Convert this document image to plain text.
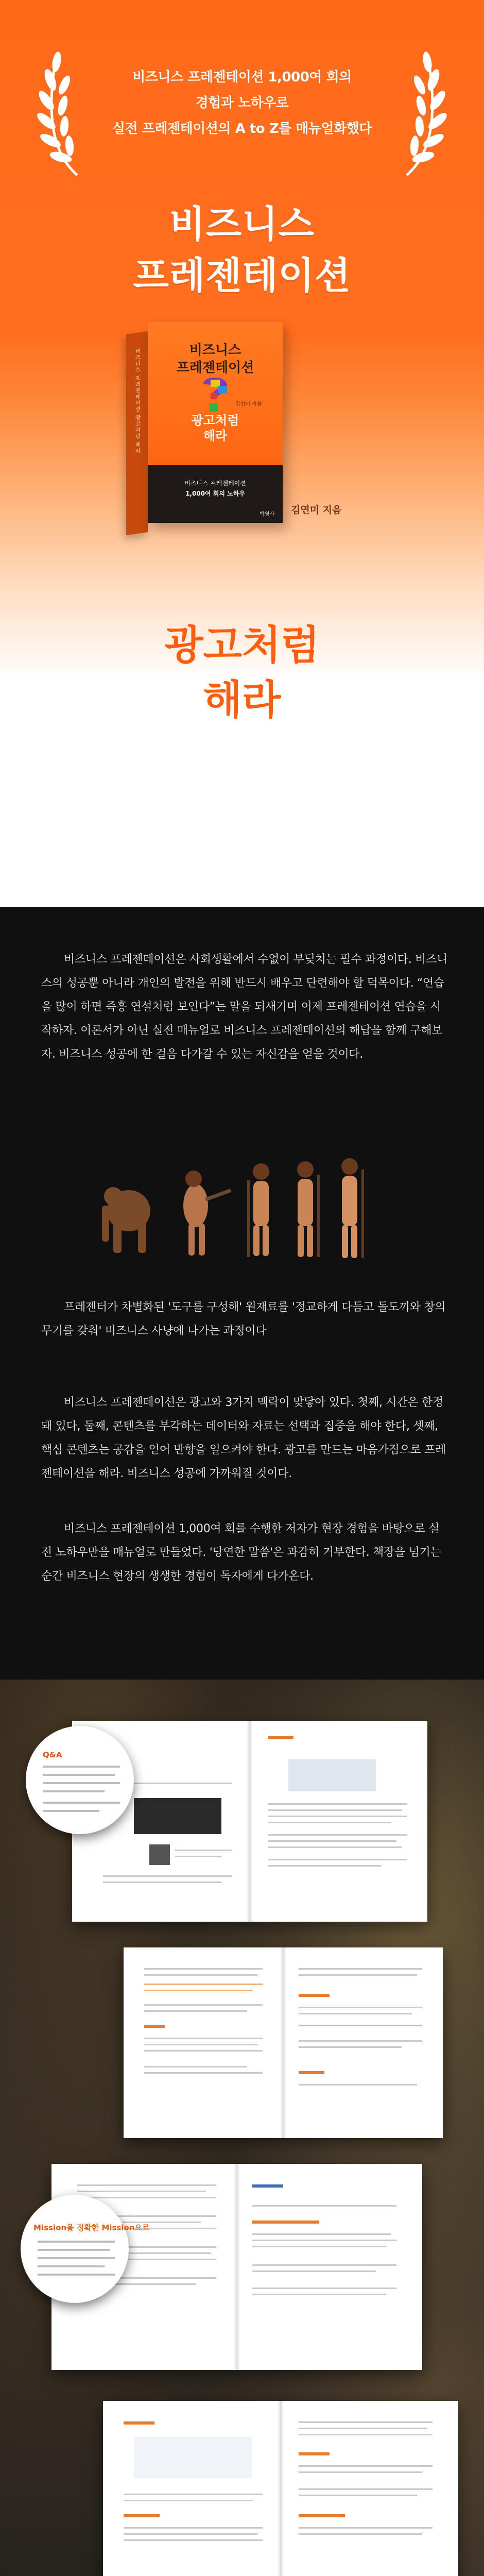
비즈니스 프레젠테이션 1,000여 회의
경험과 노하우로
실전 프레젠테이션의 A to Z를 매뉴얼화했다
비즈니스
프레젠테이션
비즈니스 프레젠테이션 광고처럼 해라	비즈니스
프레젠테이션
김연미 지음
광고처럼
해라
비즈니스 프레젠테이션
1,000여 회의 노하우
박영사 김연미 지음
광고처럼
해라

비즈니스 프레젠테이션은 사회생활에서 수없이 부딪치는 필수 과정이다. 비즈니스의 성공뿐 아니라 개인의 발전을 위해 반드시 배우고 단련해야 할 덕목이다. “연습을 많이 하면 즉흥 연설처럼 보인다”는 말을 되새기며 이제 프레젠테이션 연습을 시작하자. 이론서가 아닌 실전 매뉴얼로 비즈니스 프레젠테이션의 해답을 함께 구해보자. 비즈니스 성공에 한 걸음 다가갈 수 있는 자신감을 얻을 것이다.

프레젠터가 차별화된 '도구를 구성해' 원재료를 '정교하게 다듬고 돌도끼와 창의 무기를 갖춰' 비즈니스 사냥에 나가는 과정이다

비즈니스 프레젠테이션은 광고와 3가지 맥락이 맞닿아 있다. 첫째, 시간은 한정돼 있다, 둘째, 콘텐츠를 부각하는 데이터와 자료는 선택과 집중을 해야 한다, 셋째, 핵심 콘텐츠는 공감을 얻어 반향을 일으켜야 한다. 광고를 만드는 마음가짐으로 프레젠테이션을 해라. 비즈니스 성공에 가까워질 것이다.

비즈니스 프레젠테이션 1,000여 회를 수행한 저자가 현장 경험을 바탕으로 실전 노하우만을 매뉴얼로 만들었다. '당연한 말씀'은 과감히 거부한다. 책장을 넘기는 순간 비즈니스 현장의 생생한 경험이 독자에게 다가온다.

Q&A
Mission을 정확한 Mission으로
